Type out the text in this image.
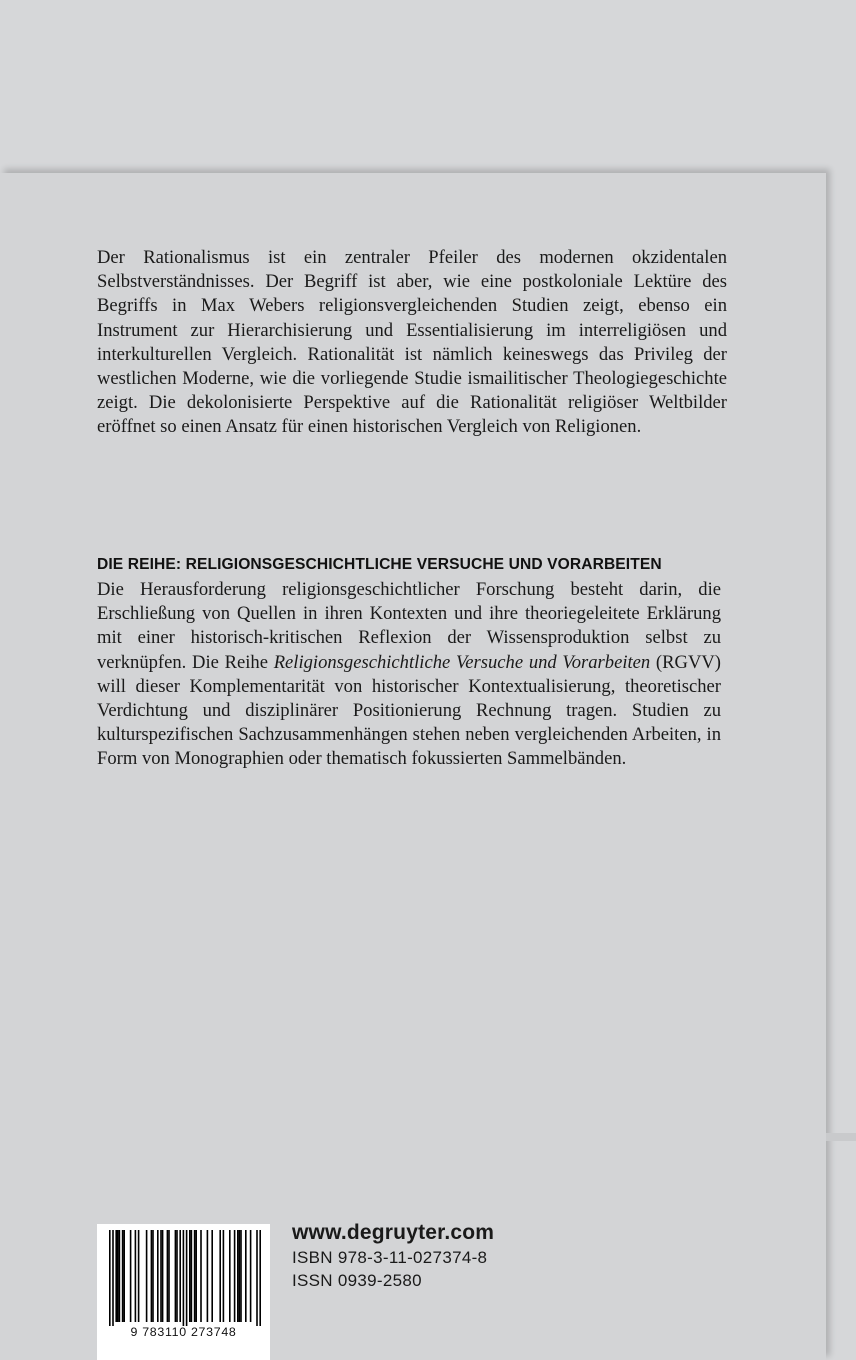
Der Rationalismus ist ein zentraler Pfeiler des modernen okzidentalen Selbstverständnisses. Der Begriff ist aber, wie eine postkoloniale Lektüre des Begriffs in Max Webers religionsvergleichenden Studien zeigt, ebenso ein Instrument zur Hierarchisierung und Essentialisierung im interreligiösen und interkulturellen Vergleich. Rationalität ist nämlich keineswegs das Privileg der westlichen Moderne, wie die vorliegende Studie ismailitischer Theologiegeschichte zeigt. Die dekolonisierte Perspektive auf die Rationalität religiöser Weltbilder eröffnet so einen Ansatz für einen historischen Vergleich von Religionen.

DIE REIHE: RELIGIONSGESCHICHTLICHE VERSUCHE UND VORARBEITEN

Die Herausforderung religionsgeschichtlicher Forschung besteht darin, die Erschließung von Quellen in ihren Kontexten und ihre theoriegeleitete Erklärung mit einer historisch-kritischen Reflexion der Wissensproduktion selbst zu verknüpfen. Die Reihe Religionsgeschichtliche Versuche und Vorarbeiten (RGVV) will dieser Komplementarität von historischer Kontextualisierung, theoretischer Verdichtung und disziplinärer Positionierung Rechnung tragen. Studien zu kulturspezifischen Sachzusammenhängen stehen neben vergleichenden Arbeiten, in Form von Monographien oder thematisch fokussierten Sammelbänden.

9 783110 273748
www.degruyter.com
ISBN 978-3-11-027374-8
ISSN 0939-2580
